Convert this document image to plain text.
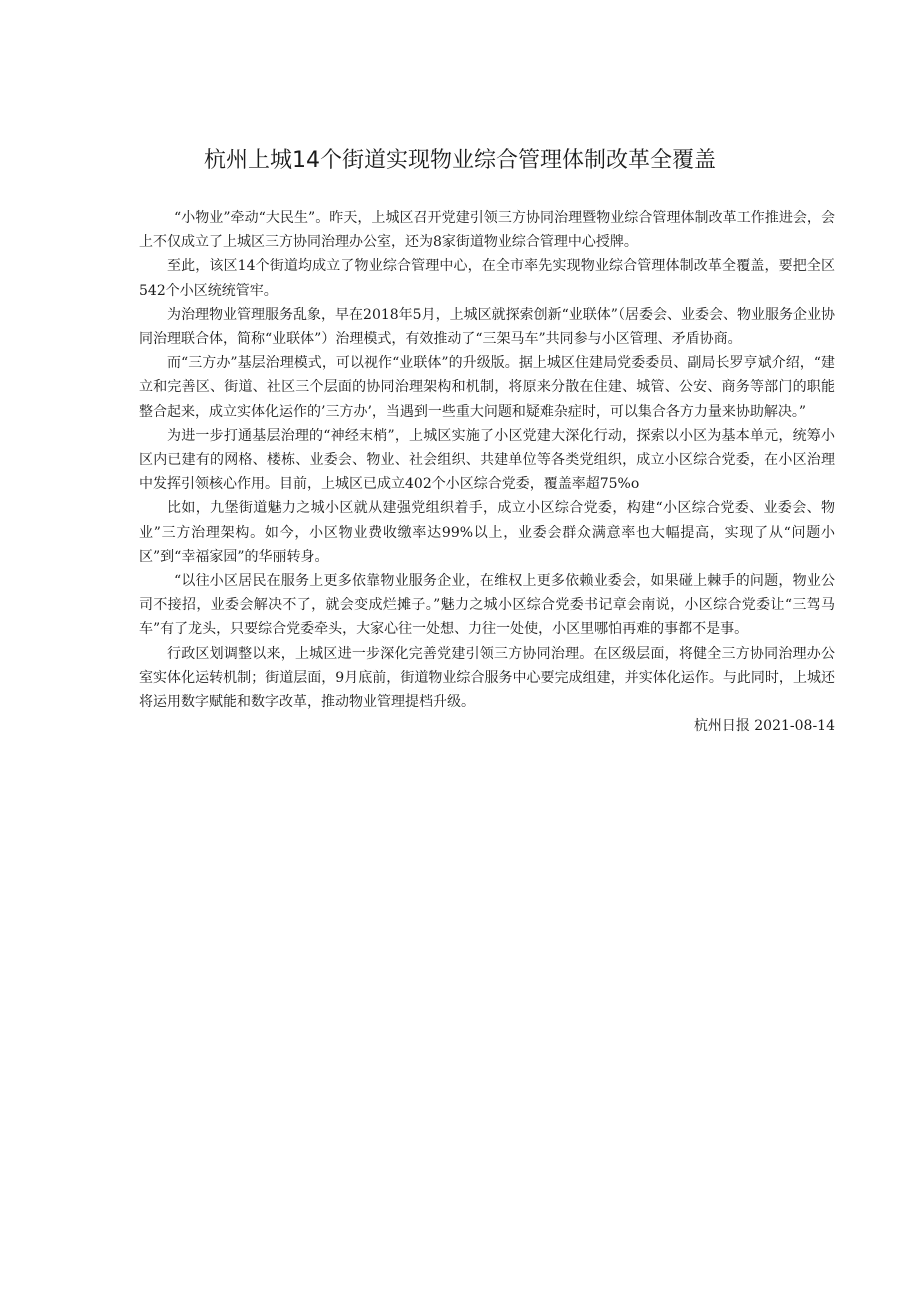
杭州上城14个街道实现物业综合管理体制改革全覆盖

“小物业”牵动“大民生”。昨天，上城区召开党建引领三方协同治理暨物业综合管理体制改革工作推进会，会上不仅成立了上城区三方协同治理办公室，还为8家街道物业综合管理中心授牌。

至此，该区14个街道均成立了物业综合管理中心，在全市率先实现物业综合管理体制改革全覆盖，要把全区542个小区统统管牢。

为治理物业管理服务乱象，早在2018年5月，上城区就探索创新“业联体”（居委会、业委会、物业服务企业协同治理联合体，简称“业联体”）治理模式，有效推动了“三架马车”共同参与小区管理、矛盾协商。

而“三方办”基层治理模式，可以视作“业联体”的升级版。据上城区住建局党委委员、副局长罗亨斌介绍，“建立和完善区、街道、社区三个层面的协同治理架构和机制，将原来分散在住建、城管、公安、商务等部门的职能整合起来，成立实体化运作的’三方办’，当遇到一些重大问题和疑难杂症时，可以集合各方力量来协助解决。”

为进一步打通基层治理的“神经末梢”，上城区实施了小区党建大深化行动，探索以小区为基本单元，统筹小区内已建有的网格、楼栋、业委会、物业、社会组织、共建单位等各类党组织，成立小区综合党委，在小区治理中发挥引领核心作用。目前，上城区已成立402个小区综合党委，覆盖率超75%o

比如，九堡街道魅力之城小区就从建强党组织着手，成立小区综合党委，构建“小区综合党委、业委会、物业”三方治理架构。如今，小区物业费收缴率达99%以上，业委会群众满意率也大幅提高，实现了从“问题小区”到“幸福家园”的华丽转身。

“以往小区居民在服务上更多依靠物业服务企业，在维权上更多依赖业委会，如果碰上棘手的问题，物业公司不接招，业委会解决不了，就会变成烂摊子。”魅力之城小区综合党委书记章会南说，小区综合党委让“三驾马车”有了龙头，只要综合党委牵头，大家心往一处想、力往一处使，小区里哪怕再难的事都不是事。

行政区划调整以来，上城区进一步深化完善党建引领三方协同治理。在区级层面，将健全三方协同治理办公室实体化运转机制；街道层面，9月底前，街道物业综合服务中心要完成组建，并实体化运作。与此同时，上城还将运用数字赋能和数字改革，推动物业管理提档升级。

杭州日报 2021-08-14
